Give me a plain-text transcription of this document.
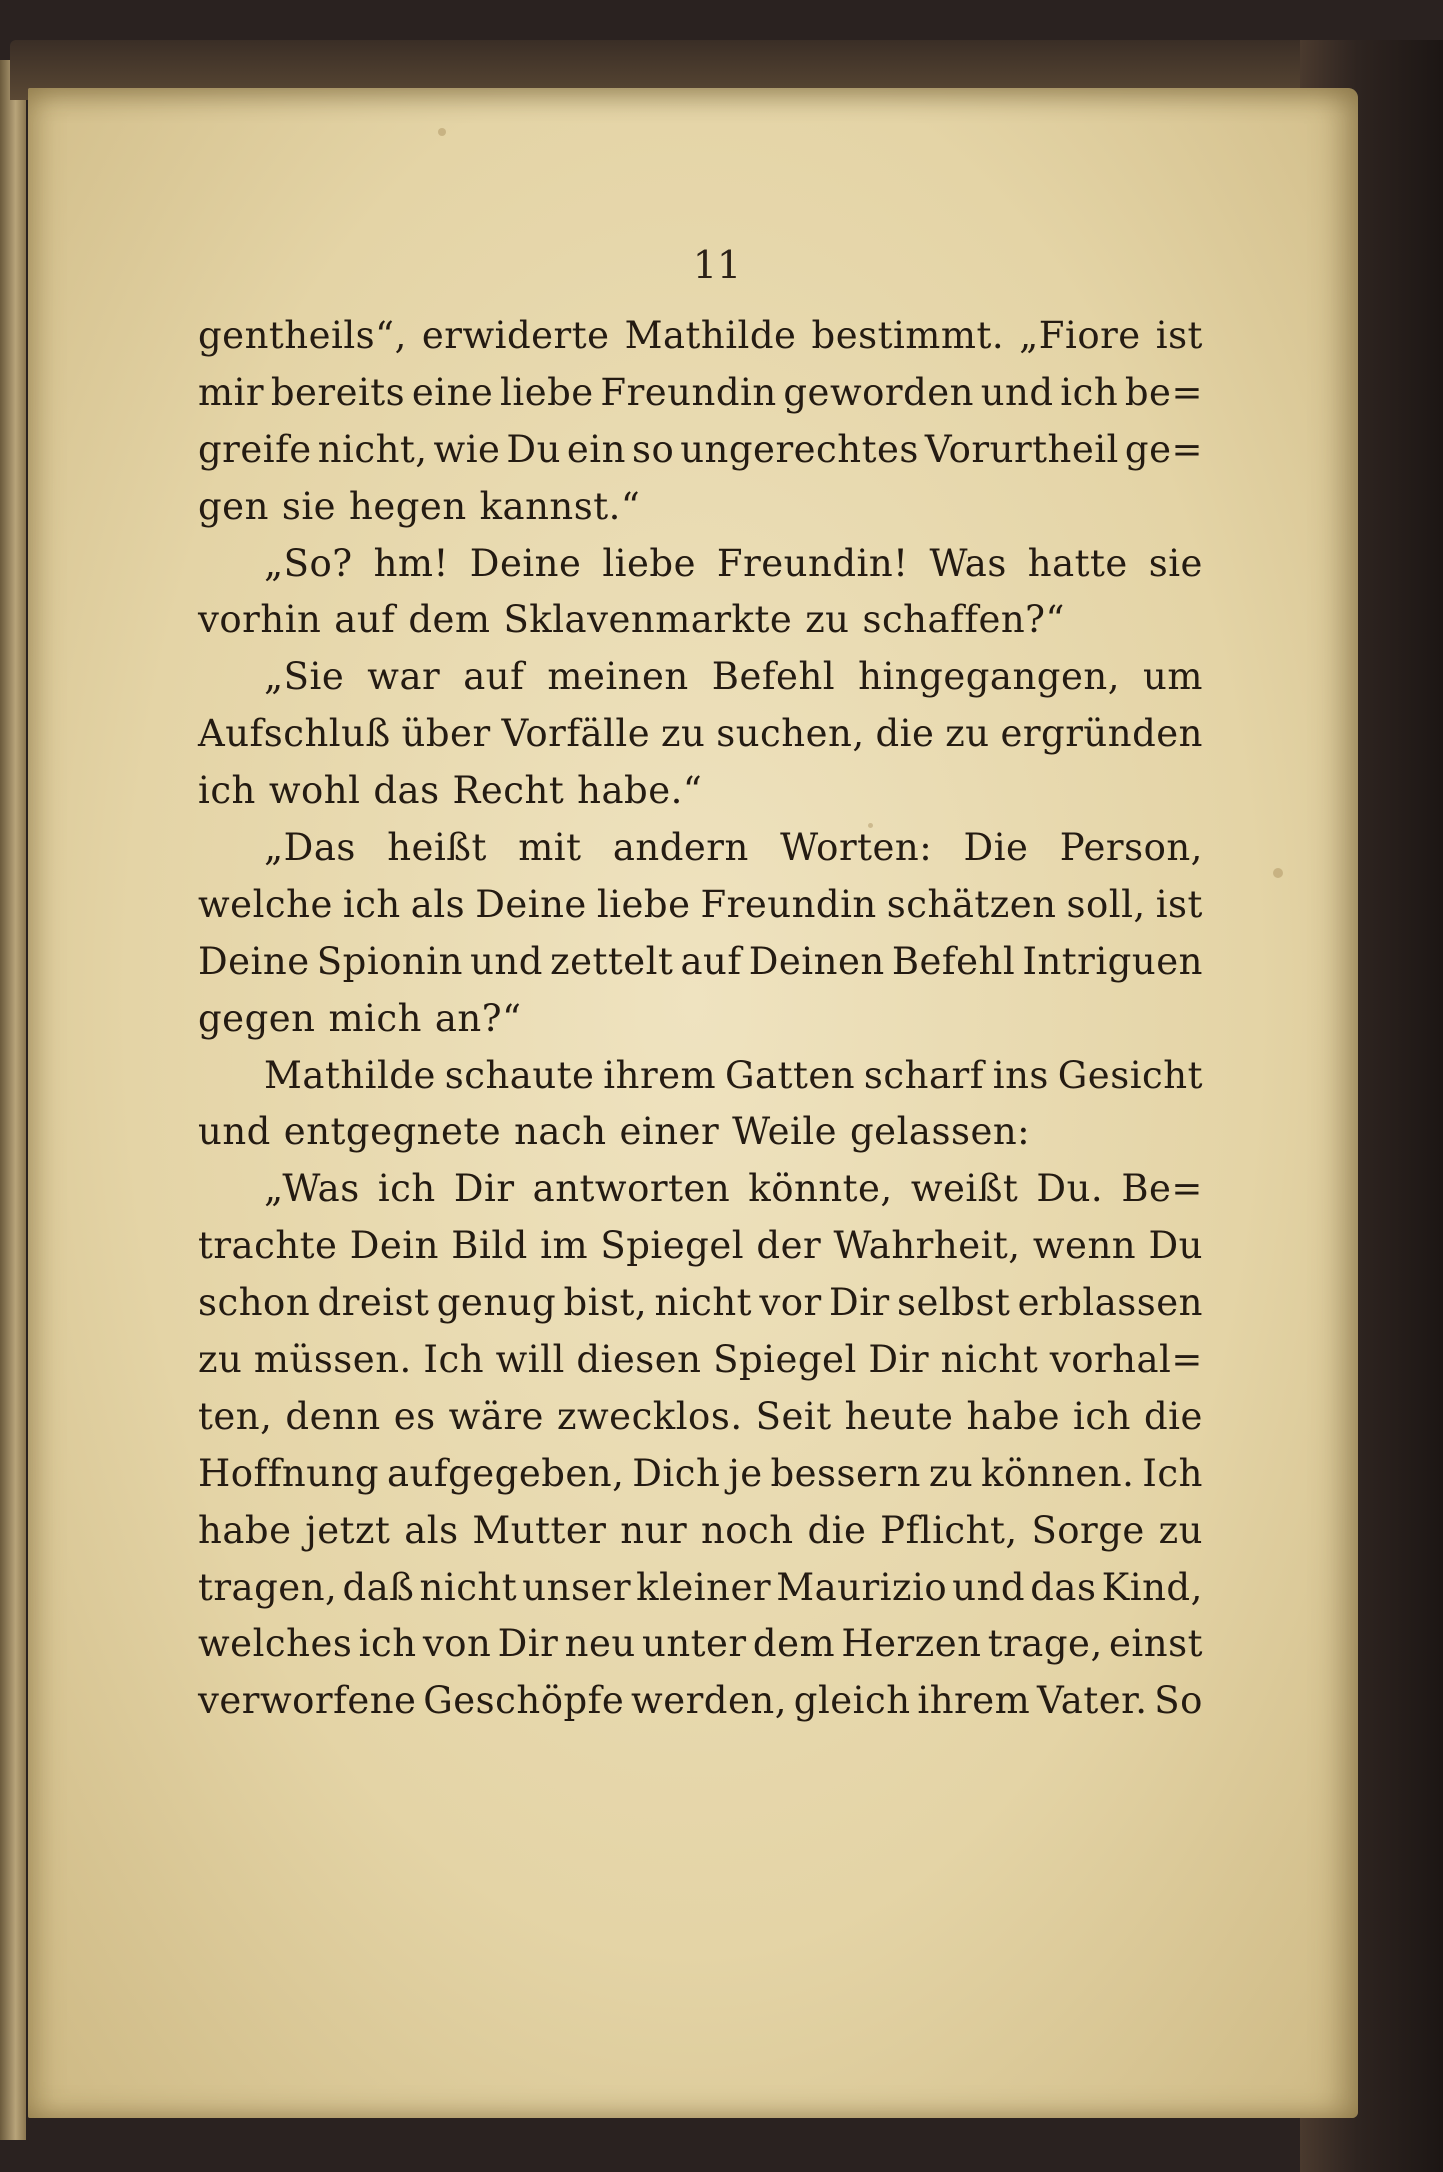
11
gentheils“, erwiderte Mathilde bestimmt. „Fiore ist
mir bereits eine liebe Freundin geworden und ich be=
greife nicht, wie Du ein so ungerechtes Vorurtheil ge=
gen sie hegen kannst.“
„So? hm! Deine liebe Freundin! Was hatte sie
vorhin auf dem Sklavenmarkte zu schaffen?“
„Sie war auf meinen Befehl hingegangen, um
Aufschluß über Vorfälle zu suchen, die zu ergründen
ich wohl das Recht habe.“
„Das heißt mit andern Worten: Die Person,
welche ich als Deine liebe Freundin schätzen soll, ist
Deine Spionin und zettelt auf Deinen Befehl Intriguen
gegen mich an?“
Mathilde schaute ihrem Gatten scharf ins Gesicht
und entgegnete nach einer Weile gelassen:
„Was ich Dir antworten könnte, weißt Du. Be=
trachte Dein Bild im Spiegel der Wahrheit, wenn Du
schon dreist genug bist, nicht vor Dir selbst erblassen
zu müssen. Ich will diesen Spiegel Dir nicht vorhal=
ten, denn es wäre zwecklos. Seit heute habe ich die
Hoffnung aufgegeben, Dich je bessern zu können. Ich
habe jetzt als Mutter nur noch die Pflicht, Sorge zu
tragen, daß nicht unser kleiner Maurizio und das Kind,
welches ich von Dir neu unter dem Herzen trage, einst
verworfene Geschöpfe werden, gleich ihrem Vater. So
